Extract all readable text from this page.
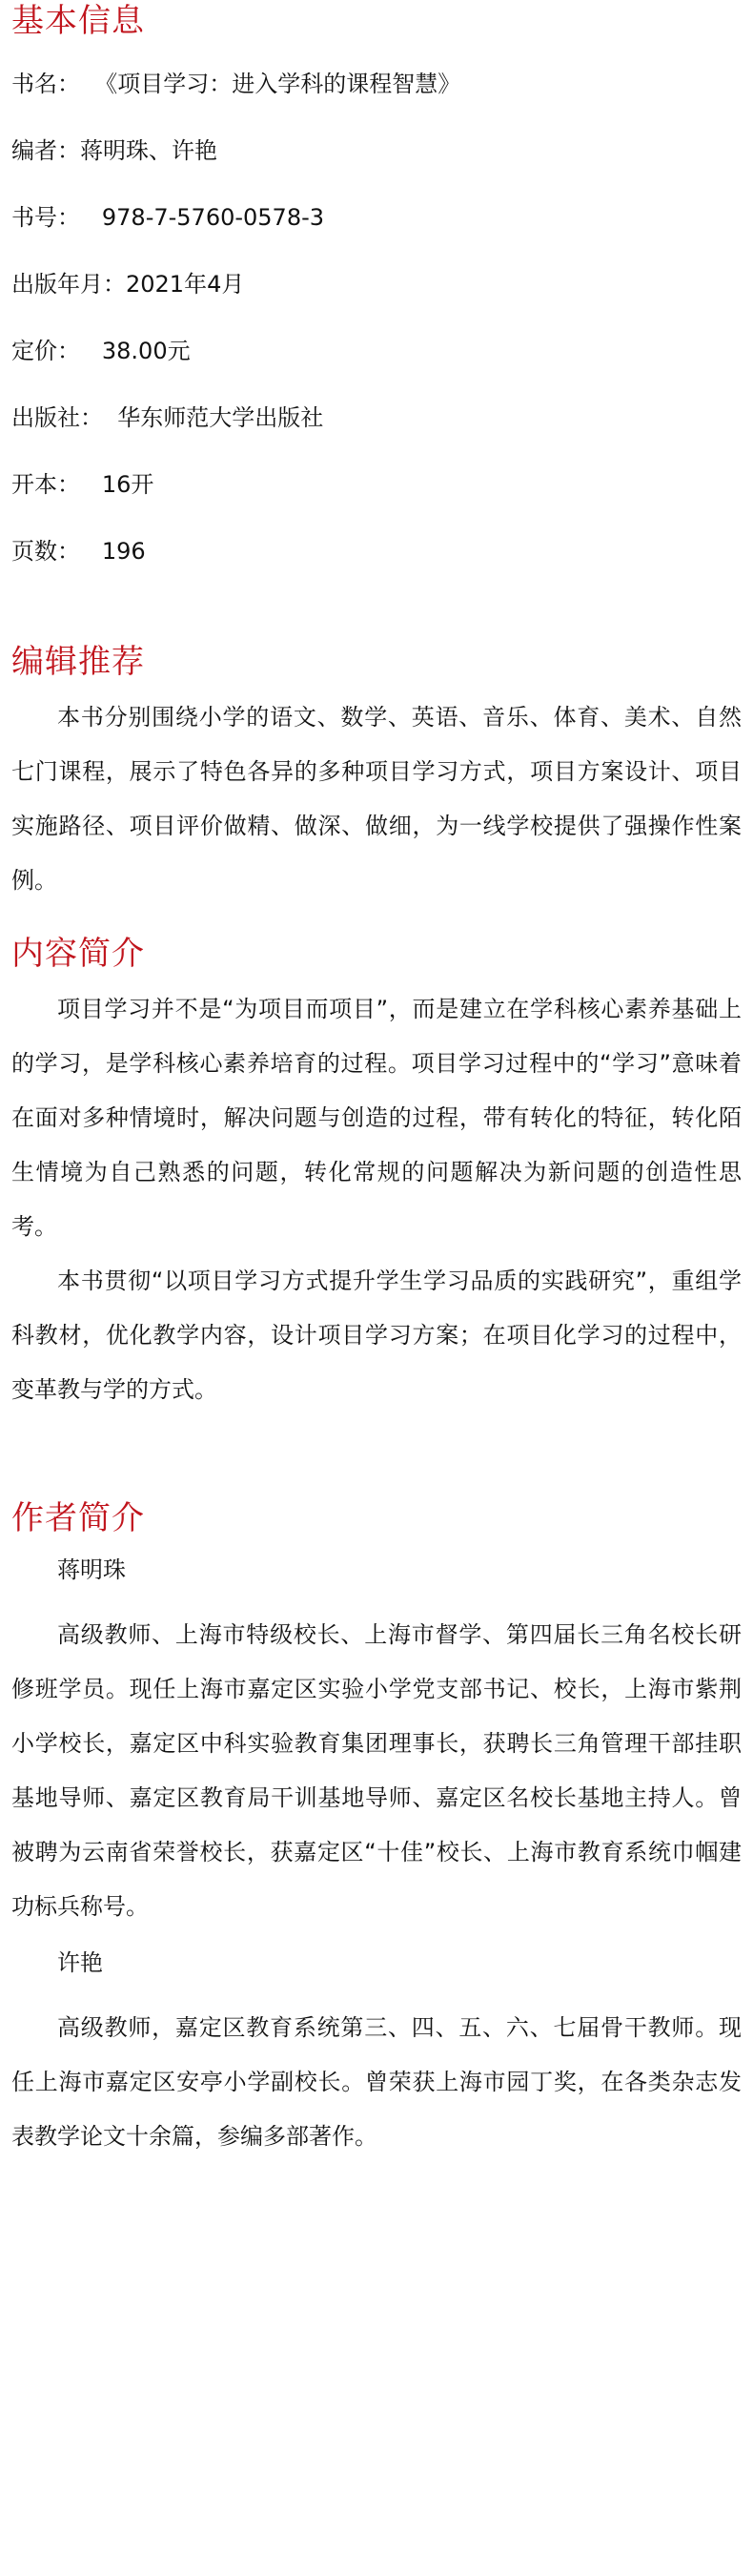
基本信息

书名：  《项目学习：进入学科的课程智慧》

编者：蒋明珠、许艳

书号：   978-7-5760-0578-3

出版年月：2021年4月

定价：   38.00元

出版社：  华东师范大学出版社

开本：   16开

页数：   196

编辑推荐

本书分别围绕小学的语文、数学、英语、音乐、体育、美术、自然七门课程，展示了特色各异的多种项目学习方式，项目方案设计、项目实施路径、项目评价做精、做深、做细，为一线学校提供了强操作性案例。

内容简介

项目学习并不是“为项目而项目”，而是建立在学科核心素养基础上的学习，是学科核心素养培育的过程。项目学习过程中的“学习”意味着在面对多种情境时，解决问题与创造的过程，带有转化的特征，转化陌生情境为自己熟悉的问题，转化常规的问题解决为新问题的创造性思考。

本书贯彻“以项目学习方式提升学生学习品质的实践研究”，重组学科教材，优化教学内容，设计项目学习方案；在项目化学习的过程中，变革教与学的方式。

作者简介

蒋明珠

高级教师、上海市特级校长、上海市督学、第四届长三角名校长研修班学员。现任上海市嘉定区实验小学党支部书记、校长，上海市紫荆小学校长，嘉定区中科实验教育集团理事长，获聘长三角管理干部挂职基地导师、嘉定区教育局干训基地导师、嘉定区名校长基地主持人。曾被聘为云南省荣誉校长，获嘉定区“十佳”校长、上海市教育系统巾帼建功标兵称号。

许艳

高级教师，嘉定区教育系统第三、四、五、六、七届骨干教师。现任上海市嘉定区安亭小学副校长。曾荣获上海市园丁奖，在各类杂志发表教学论文十余篇，参编多部著作。
